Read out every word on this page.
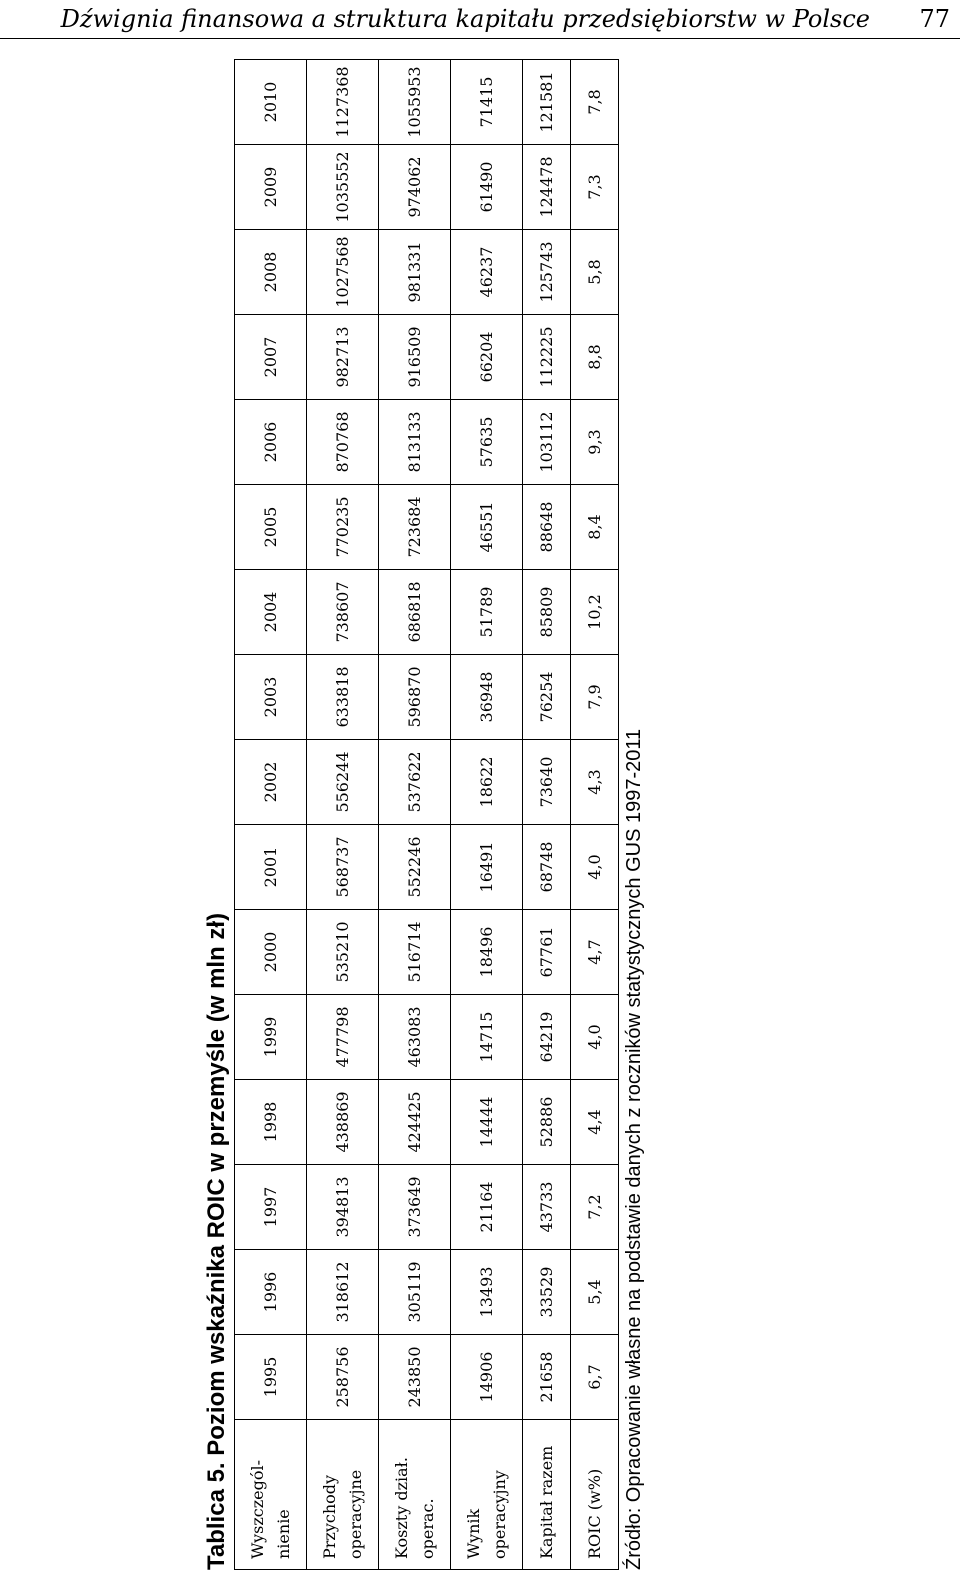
Dźwignia finansowa a struktura kapitału przedsiębiorstw w Polsce 77
Tablica 5. Poziom wskaźnika ROIC w przemyśle (w mln zł) Wyszczegól-nienie	1995	1996	1997	1998	1999	2000	2001	2002	2003	2004	2005	2006	2007	2008	2009	2010
Przychody operacyjne	258756	318612	394813	438869	477798	535210	568737	556244	633818	738607	770235	870768	982713	1027568	1035552	1127368
Koszty dział. operac.	243850	305119	373649	424425	463083	516714	552246	537622	596870	686818	723684	813133	916509	981331	974062	1055953
Wynik operacyjny	14906	13493	21164	14444	14715	18496	16491	18622	36948	51789	46551	57635	66204	46237	61490	71415
Kapitał razem	21658	33529	43733	52886	64219	67761	68748	73640	76254	85809	88648	103112	112225	125743	124478	121581
ROIC (w%)	6,7	5,4	7,2	4,4	4,0	4,7	4,0	4,3	7,9	10,2	8,4	9,3	8,8	5,8	7,3	7,8
Źródło: Opracowanie własne na podstawie danych z roczników statystycznych GUS 1997-2011
